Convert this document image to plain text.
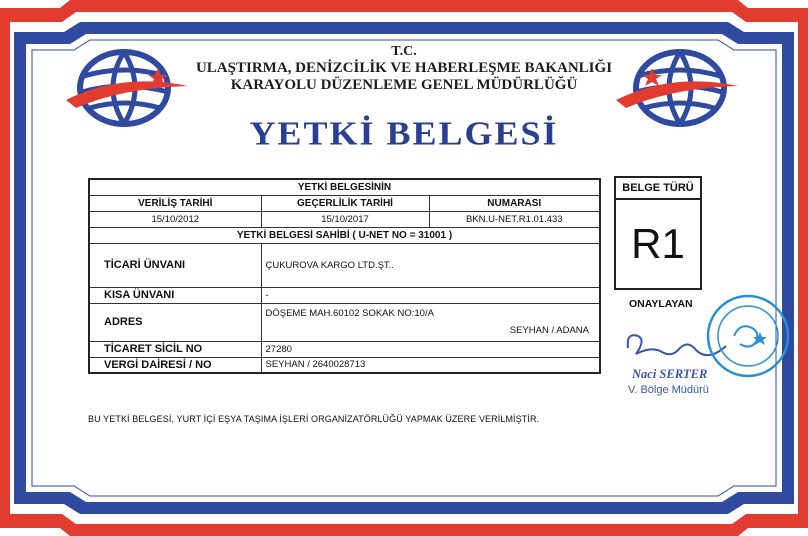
T.C.
ULAŞTIRMA, DENİZCİLİK VE HABERLEŞME BAKANLIĞI
KARAYOLU DÜZENLEME GENEL MÜDÜRLÜĞÜ
YETKİ BELGESİ
YETKİ BELGESİNİN		
VERİLİŞ TARİHİ	GEÇERLİLİK TARİHİ	NUMARASI
15/10/2012	15/10/2017	BKN.U-NET.R1.01.433
YETKİ BELGESİ SAHİBİ ( U-NET NO = 31001 )		
TİCARİ ÜNVANI	ÇUKUROVA KARGO LTD.ŞT..	
KISA ÜNVANI	-	
ADRES	DÖŞEME MAH.60102 SOKAK NO:10/A
SEYHAN / ADANA	

TİCARET SİCİL NO	27280	
VERGİ DAİRESİ / NO	SEYHAN / 2640028713	
BELGE TÜRÜ
R1
ONAYLAYAN
Naci SERTER
V. Bölge Müdürü
BU YETKİ BELGESİ, YURT İÇİ EŞYA TAŞIMA İŞLERİ ORGANİZATÖRLÜĞÜ YAPMAK ÜZERE VERİLMİŞTİR.
